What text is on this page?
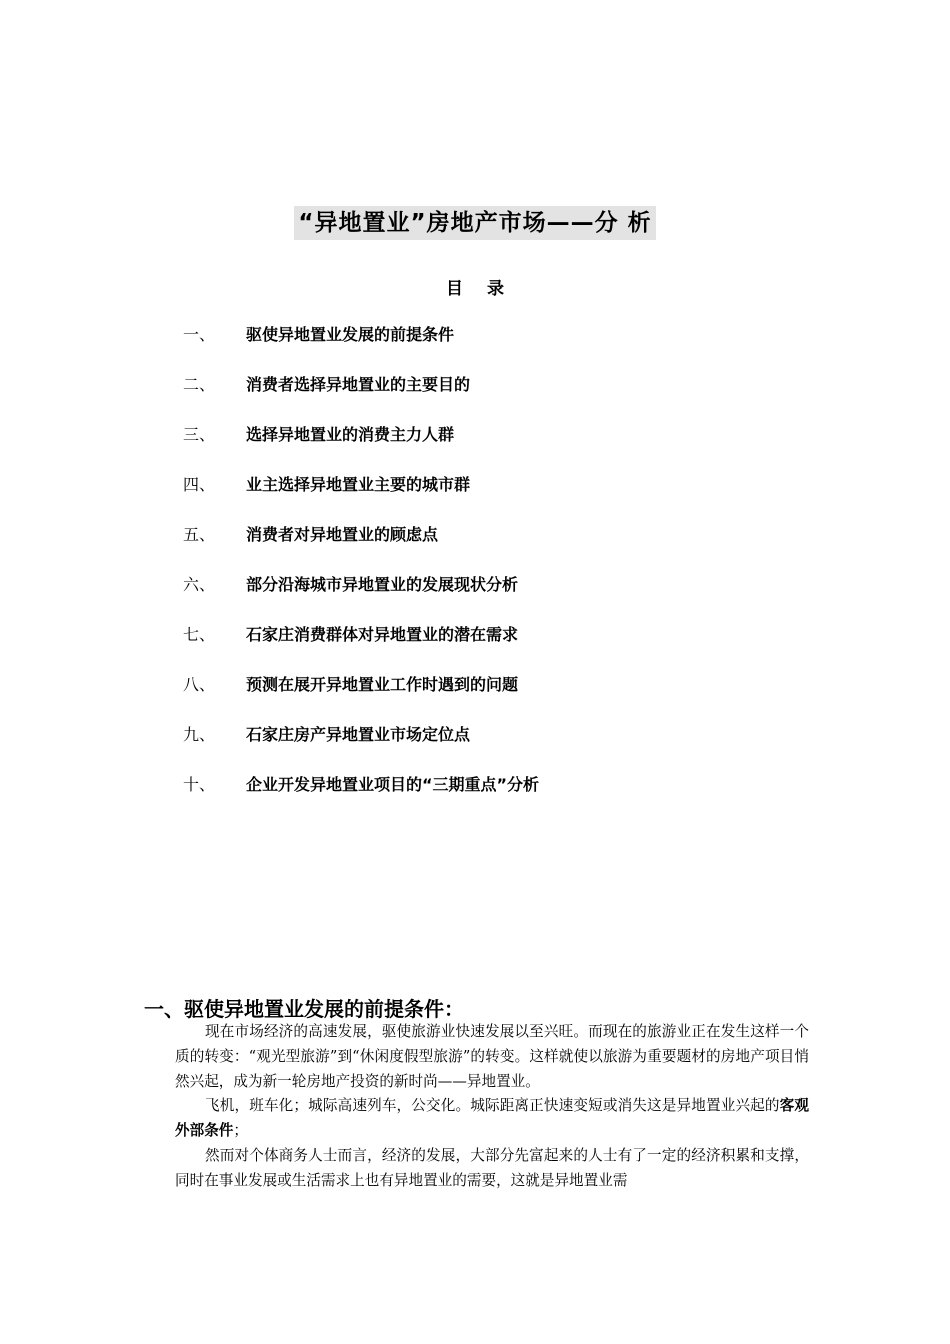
“异地置业”房地产市场——分 析
目录
一、 驱使异地置业发展的前提条件
二、 消费者选择异地置业的主要目的
三、 选择异地置业的消费主力人群
四、 业主选择异地置业主要的城市群
五、 消费者对异地置业的顾虑点
六、 部分沿海城市异地置业的发展现状分析
七、 石家庄消费群体对异地置业的潜在需求
八、 预测在展开异地置业工作时遇到的问题
九、 石家庄房产异地置业市场定位点
十、 企业开发异地置业项目的“三期重点”分析
一、驱使异地置业发展的前提条件：

现在市场经济的高速发展，驱使旅游业快速发展以至兴旺。而现在的旅游业正在发生这样一个质的转变：“观光型旅游”到“休闲度假型旅游”的转变。这样就使以旅游为重要题材的房地产项目悄然兴起，成为新一轮房地产投资的新时尚——异地置业。

飞机，班车化；城际高速列车，公交化。城际距离正快速变短或消失这是异地置业兴起的客观外部条件；

然而对个体商务人士而言，经济的发展，大部分先富起来的人士有了一定的经济积累和支撑，同时在事业发展或生活需求上也有异地置业的需要，这就是异地置业需
